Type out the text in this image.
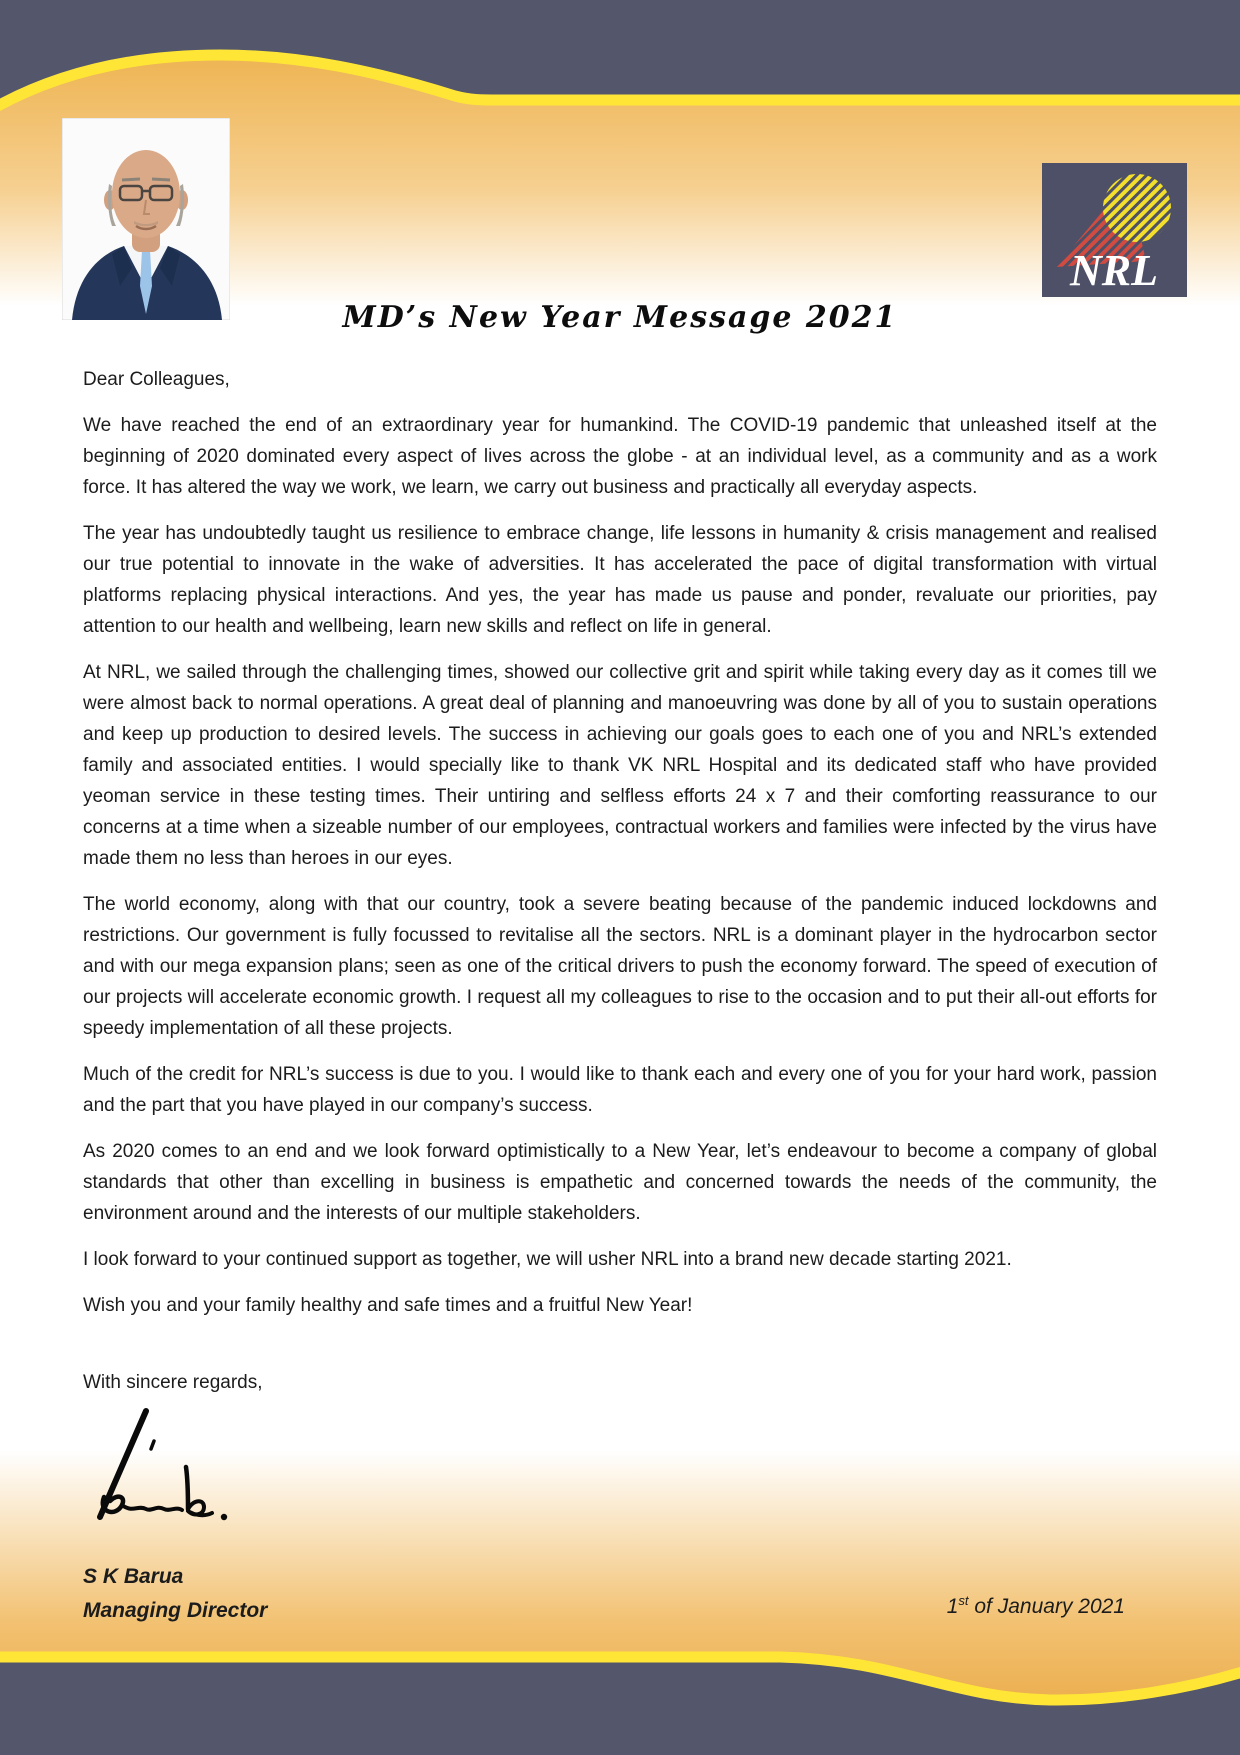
NRL
MD’s New Year Message 2021

Dear Colleagues,

We have reached the end of an extraordinary year for humankind. The COVID-19 pandemic that unleashed itself at the beginning of 2020 dominated every aspect of lives across the globe - at an individual level, as a community and as a work force. It has altered the way we work, we learn, we carry out business and practically all everyday aspects.

The year has undoubtedly taught us resilience to embrace change, life lessons in humanity & crisis management and realised our true potential to innovate in the wake of adversities. It has accelerated the pace of digital transformation with virtual platforms replacing physical interactions. And yes, the year has made us pause and ponder, revaluate our priorities, pay attention to our health and wellbeing, learn new skills and reflect on life in general.

At NRL, we sailed through the challenging times, showed our collective grit and spirit while taking every day as it comes till we were almost back to normal operations. A great deal of planning and manoeuvring was done by all of you to sustain operations and keep up production to desired levels. The success in achieving our goals goes to each one of you and NRL’s extended family and associated entities. I would specially like to thank VK NRL Hospital and its dedicated staff who have provided yeoman service in these testing times. Their untiring and selfless efforts 24 x 7 and their comforting reassurance to our concerns at a time when a sizeable number of our employees, contractual workers and families were infected by the virus have made them no less than heroes in our eyes.

The world economy, along with that our country, took a severe beating because of the pandemic induced lockdowns and restrictions. Our government is fully focussed to revitalise all the sectors. NRL is a dominant player in the hydrocarbon sector and with our mega expansion plans; seen as one of the critical drivers to push the economy forward. The speed of execution of our projects will accelerate economic growth. I request all my colleagues to rise to the occasion and to put their all-out efforts for speedy implementation of all these projects.

Much of the credit for NRL’s success is due to you. I would like to thank each and every one of you for your hard work, passion and the part that you have played in our company’s success.

As 2020 comes to an end and we look forward optimistically to a New Year, let’s endeavour to become a company of global standards that other than excelling in business is empathetic and concerned towards the needs of the community, the environment around and the interests of our multiple stakeholders.

I look forward to your continued support as together, we will usher NRL into a brand new decade starting 2021.

Wish you and your family healthy and safe times and a fruitful New Year!

With sincere regards,
S K Barua
Managing Director	1st of January 2021
